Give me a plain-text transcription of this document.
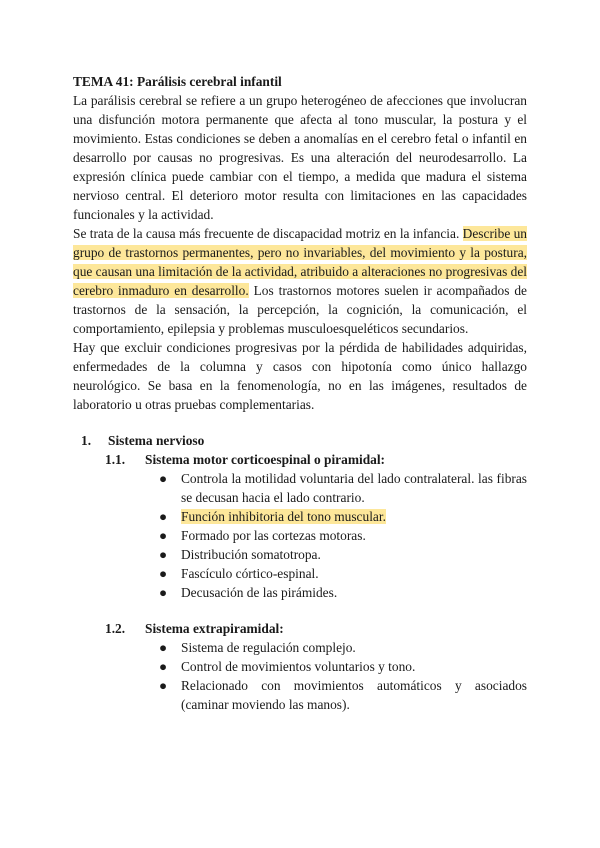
TEMA 41: Parálisis cerebral infantil

La parálisis cerebral se refiere a un grupo heterogéneo de afecciones que involucran una disfunción motora permanente que afecta al tono muscular, la postura y el movimiento. Estas condiciones se deben a anomalías en el cerebro fetal o infantil en desarrollo por causas no progresivas. Es una alteración del neurodesarrollo. La expresión clínica puede cambiar con el tiempo, a medida que madura el sistema nervioso central. El deterioro motor resulta con limitaciones en las capacidades funcionales y la actividad.

Se trata de la causa más frecuente de discapacidad motriz en la infancia. Describe un grupo de trastornos permanentes, pero no invariables, del movimiento y la postura, que causan una limitación de la actividad, atribuido a alteraciones no progresivas del cerebro inmaduro en desarrollo. Los trastornos motores suelen ir acompañados de trastornos de la sensación, la percepción, la cognición, la comunicación, el comportamiento, epilepsia y problemas musculoesqueléticos secundarios.

Hay que excluir condiciones progresivas por la pérdida de habilidades adquiridas, enfermedades de la columna y casos con hipotonía como único hallazgo neurológico. Se basa en la fenomenología, no en las imágenes, resultados de laboratorio u otras pruebas complementarias.

1.	Sistema nervioso
1.1.	Sistema motor corticoespinal o piramidal:
● Controla la motilidad voluntaria del lado contralateral. las fibras se decusan hacia el lado contrario.
● Función inhibitoria del tono muscular.
● Formado por las cortezas motoras.
● Distribución somatotropa.
● Fascículo córtico-espinal.
● Decusación de las pirámides.
1.2.	Sistema extrapiramidal:
● Sistema de regulación complejo.
● Control de movimientos voluntarios y tono.
● Relacionado con movimientos automáticos y asociados (caminar moviendo las manos).
